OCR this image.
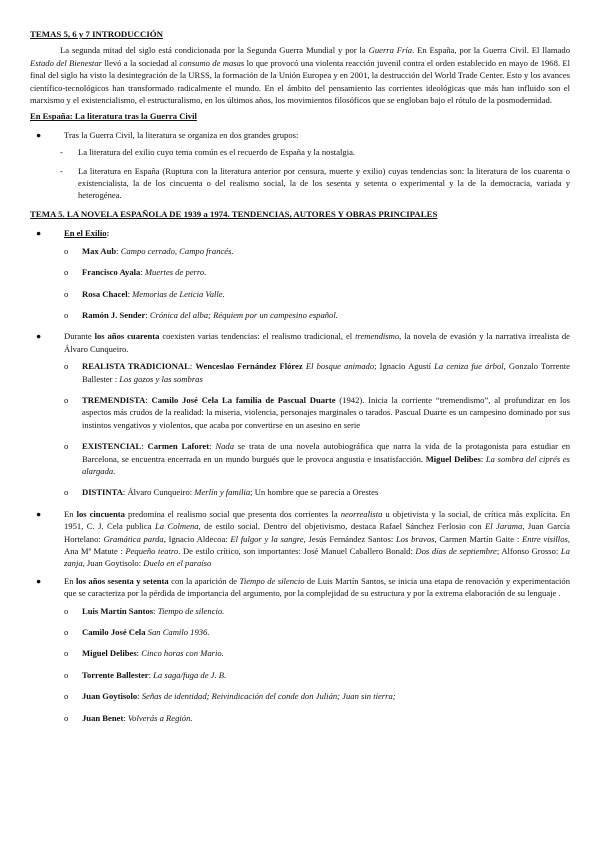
TEMAS 5, 6 y 7 INTRODUCCIÓN
La segunda mitad del siglo está condicionada por la Segunda Guerra Mundial y por la Guerra Fría. En España, por la Guerra Civil. El llamado Estado del Bienestar llevó a la sociedad al consumo de masas lo que provocó una violenta reacción juvenil contra el orden establecido en mayo de 1968. El final del siglo ha visto la desintegración de la URSS, la formación de la Unión Europea y en 2001, la destrucción del World Trade Center. Esto y los avances científico-tecnológicos han transformado radicalmente el mundo. En el ámbito del pensamiento las corrientes ideológicas que más han influido son el marxismo y el existencialismo, el estructuralismo, en los últimos años, los movimientos filosóficos que se engloban bajo el rótulo de la posmodernidad.
En España: La literatura tras la Guerra Civil
●	Tras la Guerra Civil, la literatura se organiza en dos grandes grupos:
- La literatura del exilio cuyo tema común es el recuerdo de España y la nostalgia.
- La literatura en España (Ruptura con la literatura anterior por censura, muerte y exilio) cuyas tendencias son: la literatura de los cuarenta o existencialista, la de los cincuenta o del realismo social, la de los sesenta y setenta o experimental y la de la democracia, variada y heterogénea.
TEMA 5. LA NOVELA ESPAÑOLA DE 1939 a 1974. TENDENCIAS, AUTORES Y OBRAS PRINCIPALES
●	En el Exilio:
o Max Aub: Campo cerrado, Campo francés.
o Francisco Ayala: Muertes de perro.
o Rosa Chacel: Memorias de Leticia Valle.
o Ramón J. Sender: Crónica del alba; Réquiem por un campesino español.
●	Durante los años cuarenta coexisten varias tendencias: el realismo tradicional, el tremendismo, la novela de evasión y la narrativa irrealista de Álvaro Cunqueiro.
o REALISTA TRADICIONAL: Wenceslao Fernández Flórez El bosque animado; Ignacio Agustí La ceniza fue árbol, Gonzalo Torrente Ballester : Los gozos y las sombras
o TREMENDISTA: Camilo José Cela La familia de Pascual Duarte (1942). Inicia la corriente “tremendismo”, al profundizar en los aspectos más crudos de la realidad: la miseria, violencia, personajes marginales o tarados. Pascual Duarte es un campesino dominado por sus instintos vengativos y violentos, que acaba por convertirse en un asesino en serie
o EXISTENCIAL: Carmen Laforet: Nada se trata de una novela autobiográfica que narra la vida de la protagonista para estudiar en Barcelona, se encuentra encerrada en un mundo burgués que le provoca angustia e insatisfacción. Miguel Delibes: La sombra del ciprés es alargada.
o DISTINTA: Álvaro Cunqueiro: Merlín y familia; Un hombre que se parecía a Orestes
●	En los cincuenta predomina el realismo social que presenta dos corrientes la neorrealista u objetivista y la social, de crítica más explícita. En 1951, C. J. Cela publica La Colmena, de estilo social. Dentro del objetivismo, destaca Rafael Sánchez Ferlosio con El Jarama, Juan García Hortelano: Gramática parda, Ignacio Aldecoa: El fulgor y la sangre, Jesús Fernández Santos: Los bravos, Carmen Martín Gaite : Entre visillos, Ana Mª Matute : Pequeño teatro. De estilo crítico, son importantes: José Manuel Caballero Bonald: Dos días de septiembre; Alfonso Grosso: La zanja, Juan Goytisolo: Duelo en el paraíso
●	En los años sesenta y setenta con la aparición de Tiempo de silencio de Luis Martín Santos, se inicia una etapa de renovación y experimentación que se caracteriza por la pérdida de importancia del argumento, por la complejidad de su estructura y por la extrema elaboración de su lenguaje .
o Luis Martín Santos: Tiempo de silencio.
o Camilo José Cela San Camilo 1936.
o Miguel Delibes: Cinco horas con Mario.
o Torrente Ballester: La saga/fuga de J. B.
o Juan Goytisolo: Señas de identidad; Reivindicación del conde don Julián; Juan sin tierra;
o Juan Benet: Volverás a Región.
